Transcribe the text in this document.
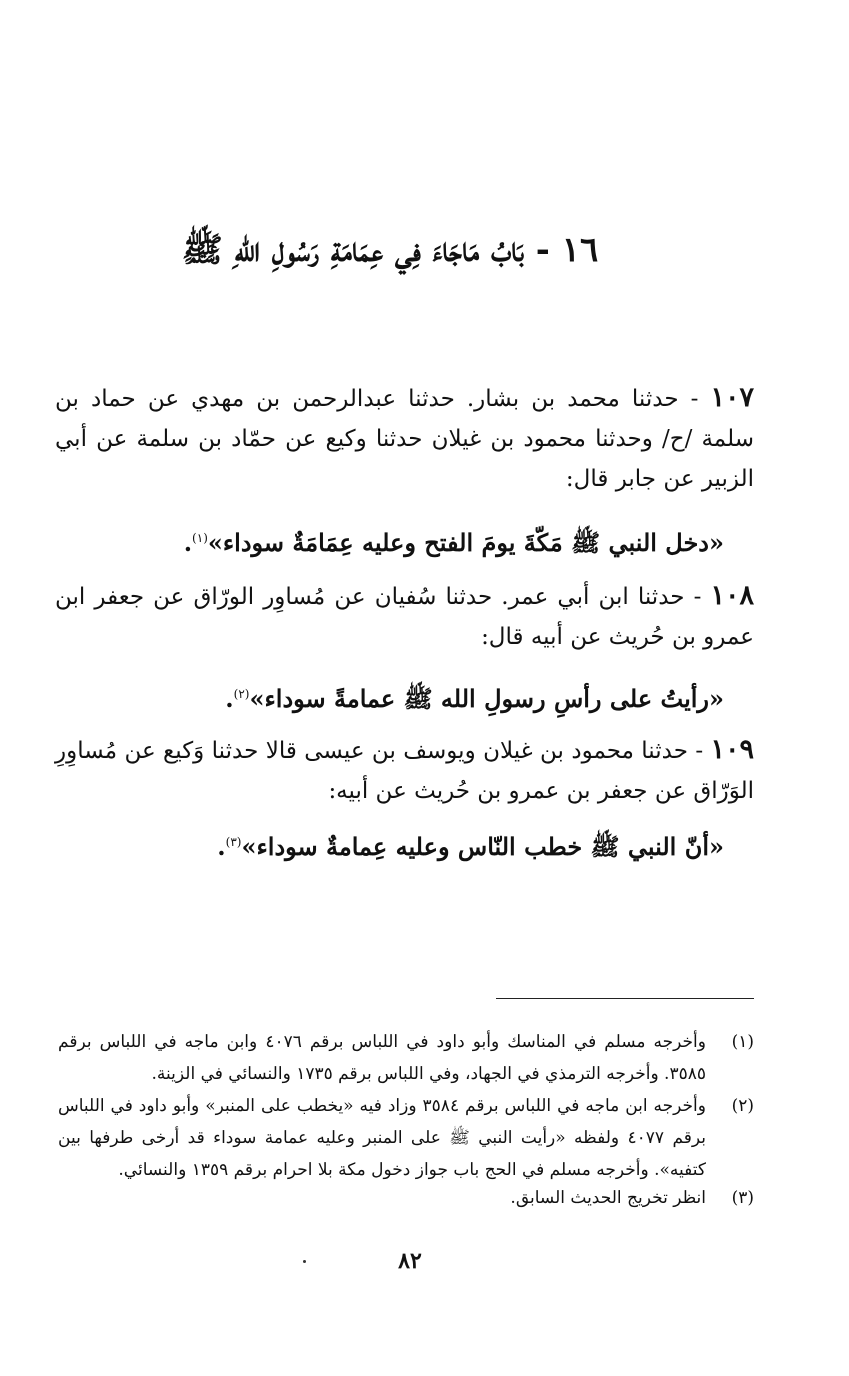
١٦ - بَابُ مَاجَاءَ فِي عِمَامَةِ رَسُولِ اللهِ ﷺ
١٠٧ - حدثنا محمد بن بشار. حدثنا عبدالرحمن بن مهدي عن حماد بن سلمة /ح/ وحدثنا محمود بن غيلان حدثنا وكيع عن حمّاد بن سلمة عن أبي الزبير عن جابر قال:
«دخل النبي ﷺ مَكّةَ يومَ الفتح وعليه عِمَامَةٌ سوداء»$^{(١)}$.
١٠٨ - حدثنا ابن أبي عمر. حدثنا سُفيان عن مُساوِر الورّاق عن جعفر ابن عمرو بن حُريث عن أبيه قال:
«رأيتُ على رأسِ رسولِ الله ﷺ عمامةً سوداء»$^{(٢)}$.
١٠٩ - حدثنا محمود بن غيلان ويوسف بن عيسى قالا حدثنا وَكيع عن مُساوِرِ الوَرّاق عن جعفر بن عمرو بن حُريث عن أبيه:
«أنّ النبي ﷺ خطب النّاس وعليه عِمامةٌ سوداء»$^{(٣)}$.
(١)
وأخرجه مسلم في المناسك وأبو داود في اللباس برقم ٤٠٧٦ وابن ماجه في اللباس برقم ٣٥٨٥. وأخرجه الترمذي في الجهاد، وفي اللباس برقم ١٧٣٥ والنسائي في الزينة.
(٢)
وأخرجه ابن ماجه في اللباس برقم ٣٥٨٤ وزاد فيه «يخطب على المنبر» وأبو داود في اللباس برقم ٤٠٧٧ ولفظه «رأيت النبي ﷺ على المنبر وعليه عمامة سوداء قد أرخى طرفها بين كتفيه». وأخرجه مسلم في الحج باب جواز دخول مكة بلا احرام برقم ١٣٥٩ والنسائي.
(٣)
انظر تخريج الحديث السابق.
٨٢
